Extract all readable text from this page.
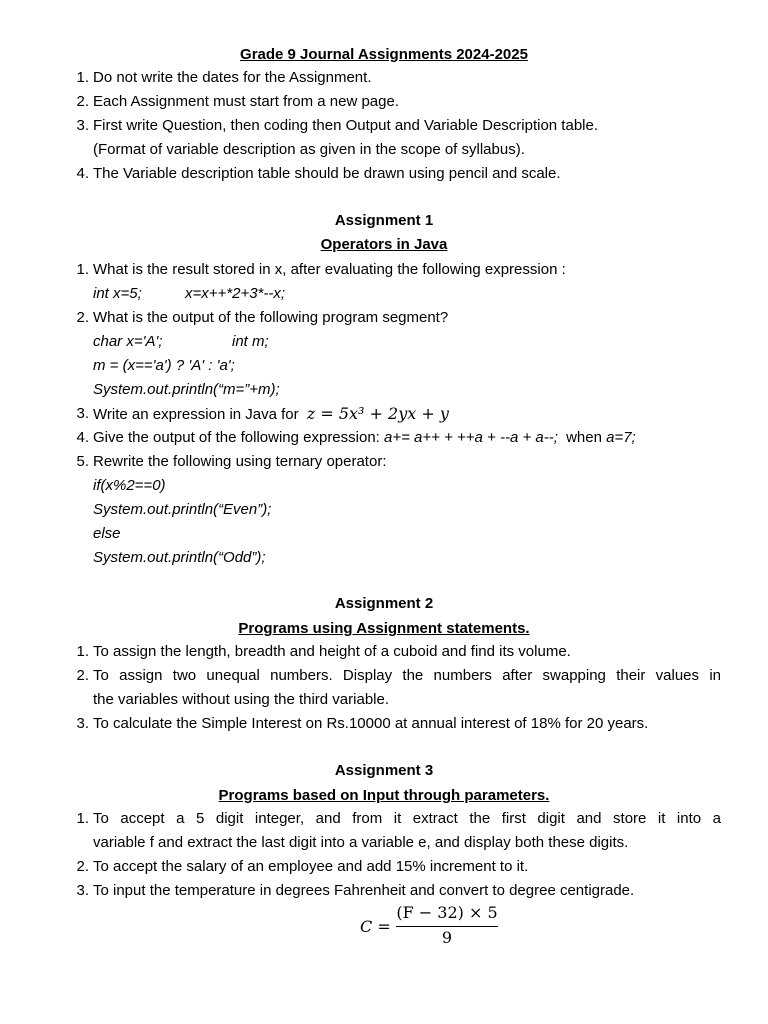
Grade 9 Journal Assignments 2024-2025
1. Do not write the dates for the Assignment.
2. Each Assignment must start from a new page.
3. First write Question, then coding then Output and Variable Description table.
(Format of variable description as given in the scope of syllabus).
4. The Variable description table should be drawn using pencil and scale.
Assignment 1
Operators in Java
1. What is the result stored in x, after evaluating the following expression :
int x=5;	x=x++*2+3*--x;
2. What is the output of the following program segment?
char x='A';	int m;
m = (x=='a') ? 'A' : 'a';
System.out.println(“m=”+m);
3. Write an expression in Java for z = 5x³ + 2yx + y
4. Give the output of the following expression: a+= a++ + ++a + --a + a--; when a=7;
5. Rewrite the following using ternary operator:
if(x%2==0)
System.out.println(“Even”);
else
System.out.println(“Odd”);
Assignment 2
Programs using Assignment statements.
1. To assign the length, breadth and height of a cuboid and find its volume.
2. To assign two unequal numbers. Display the numbers after swapping their values in
the variables without using the third variable.
3. To calculate the Simple Interest on Rs.10000 at annual interest of 18% for 20 years.
Assignment 3
Programs based on Input through parameters.
1. To accept a 5 digit integer, and from it extract the first digit and store it into a
variable f and extract the last digit into a variable e, and display both these digits.
2. To accept the salary of an employee and add 15% increment to it.
3. To input the temperature in degrees Fahrenheit and convert to degree centigrade.
C =
(F − 32) × 5
9
